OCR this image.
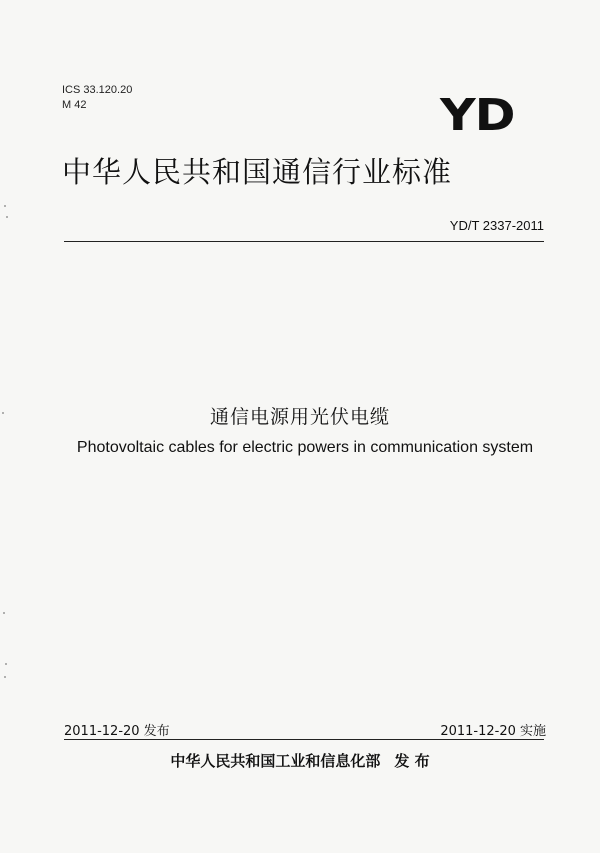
ICS 33.120.20
M 42	YD
中华人民共和国通信行业标准
YD/T 2337-2011
通信电源用光伏电缆
Photovoltaic cables for electric powers in communication system
2011-12-20 发布	2011-12-20 实施
中华人民共和国工业和信息化部 发 布
